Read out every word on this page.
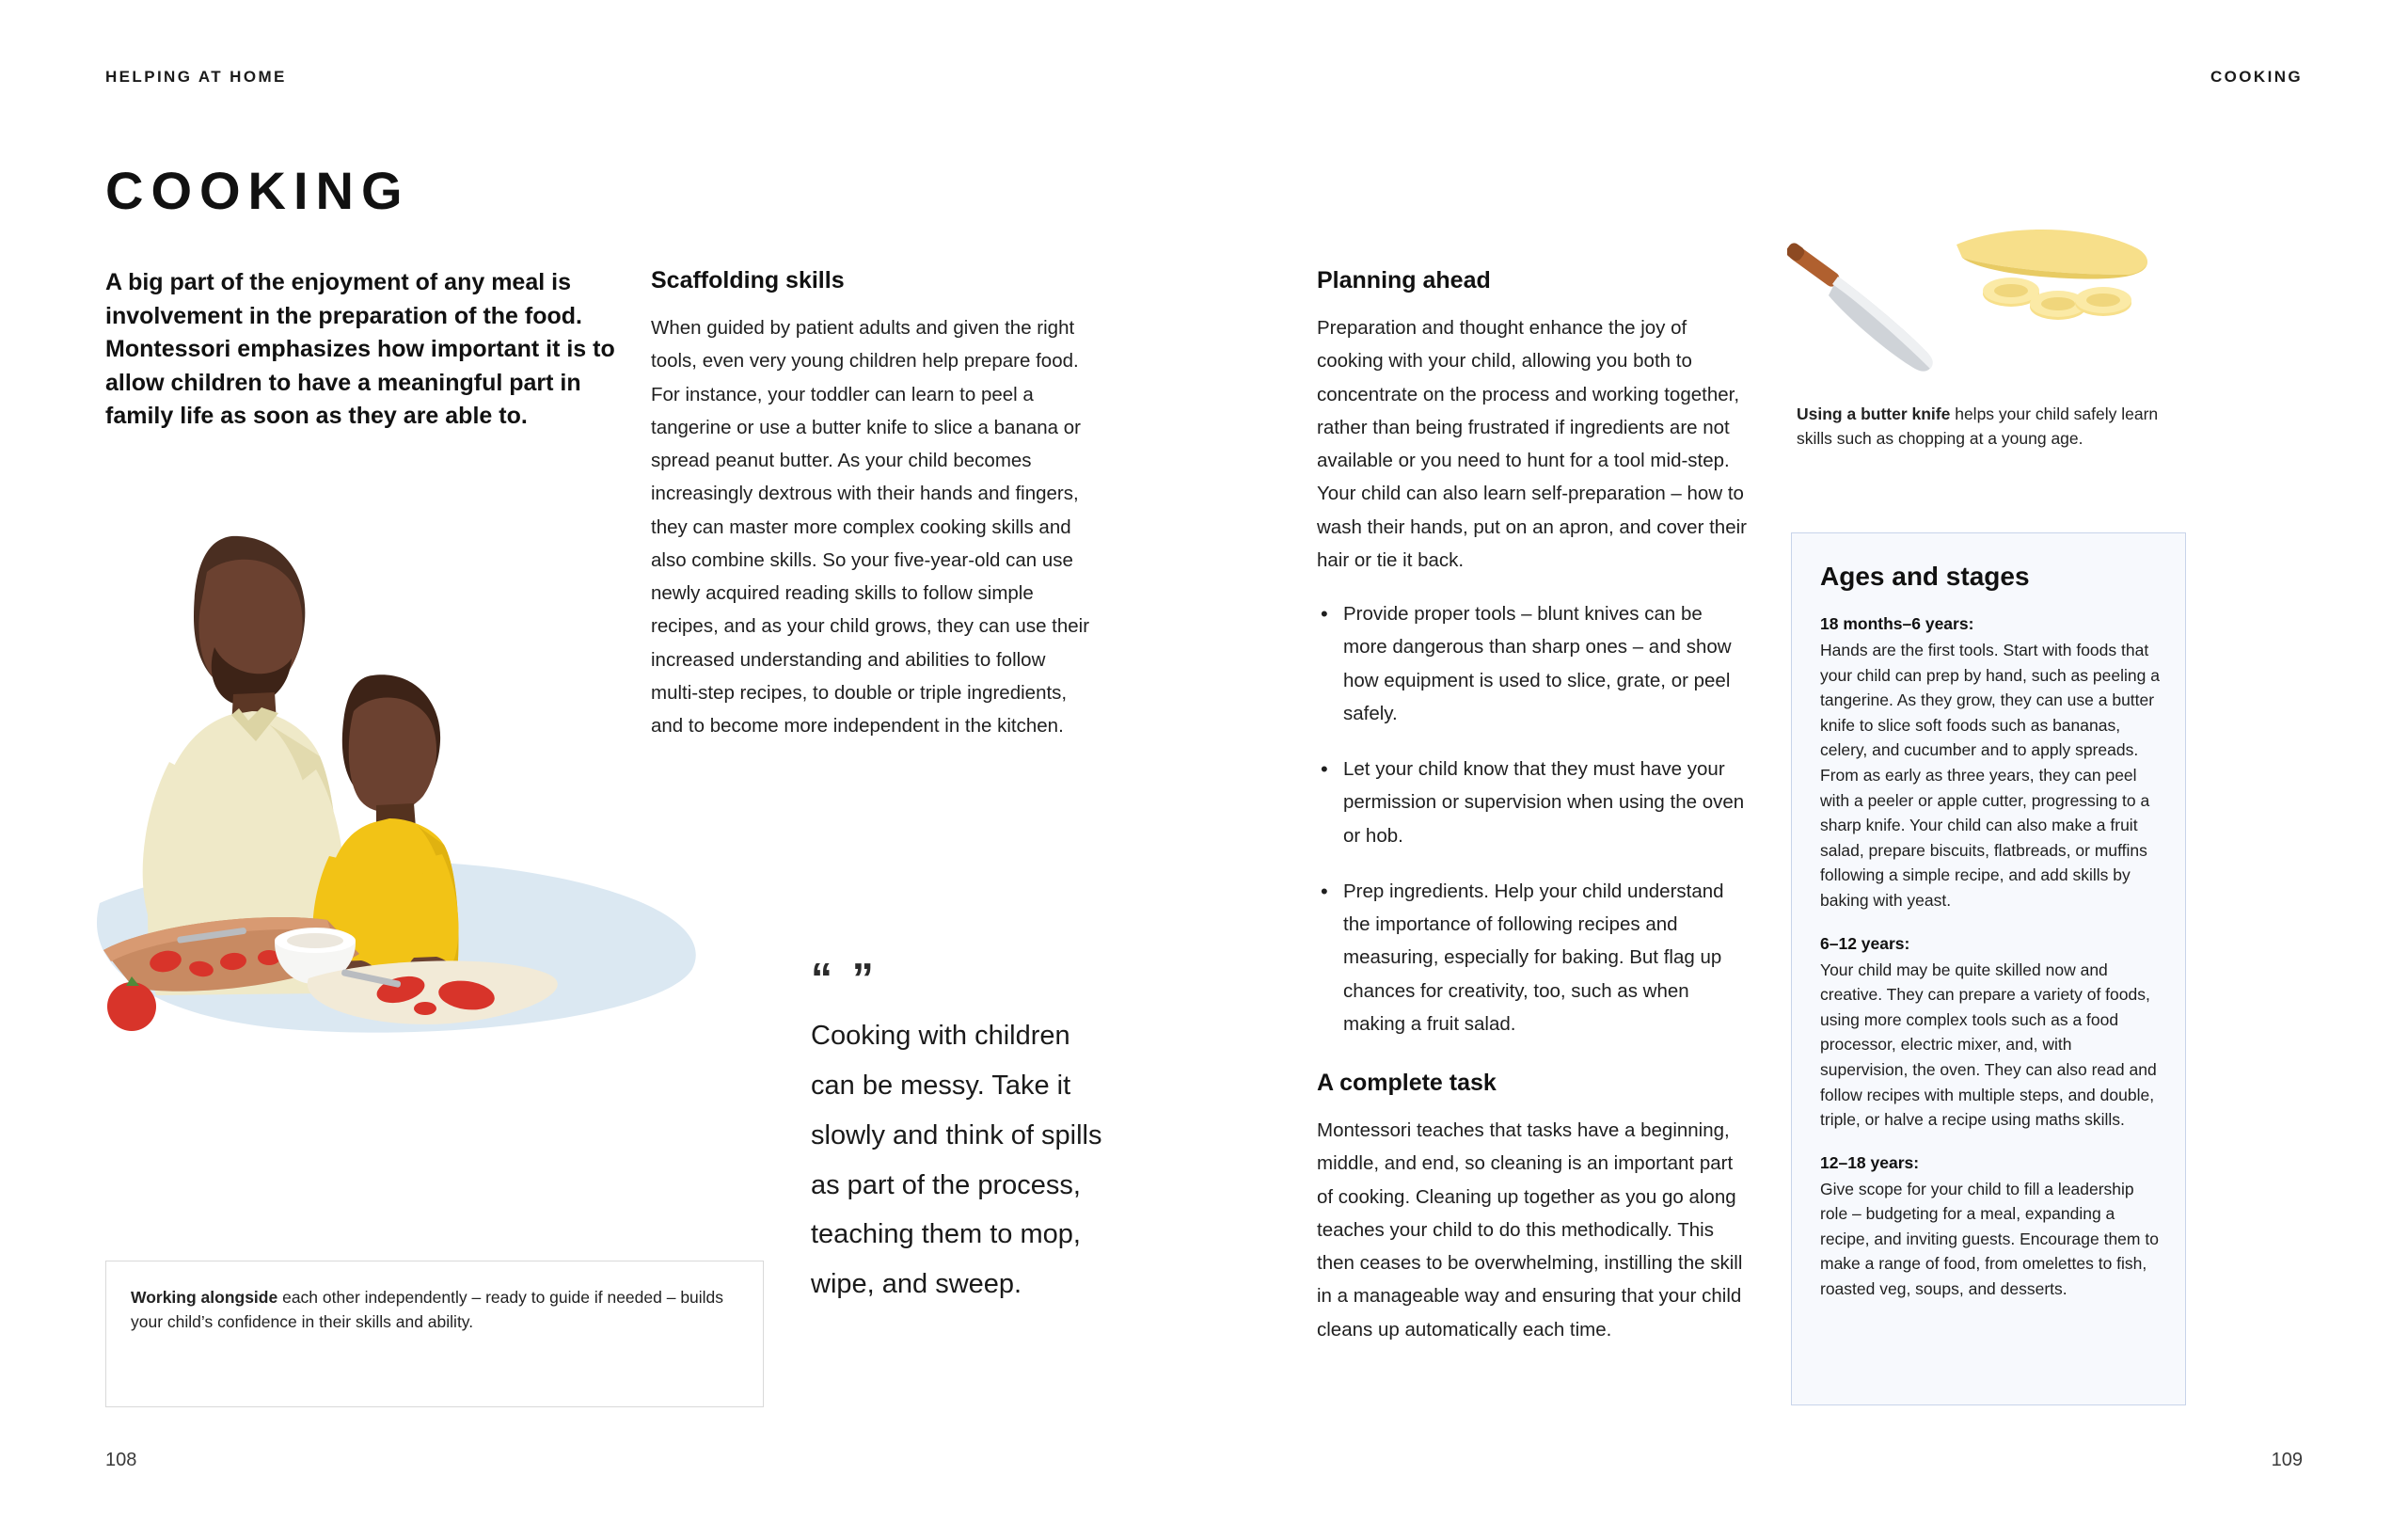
HELPING AT HOME
COOKING
A big part of the enjoyment of any meal is involvement in the preparation of the food. Montessori emphasizes how important it is to allow children to have a meaningful part in family life as soon as they are able to.
Working alongside each other independently – ready to guide if needed – builds your child’s confidence in their skills and ability.
Scaffolding skills
When guided by patient adults and given the right tools, even very young children help prepare food. For instance, your toddler can learn to peel a tangerine or use a butter knife to slice a banana or spread peanut butter. As your child becomes increasingly dextrous with their hands and fingers, they can master more complex cooking skills and also combine skills. So your five-year-old can use newly acquired reading skills to follow simple recipes, and as your child grows, they can use their increased understanding and abilities to follow multi-step recipes, to double or triple ingredients, and to become more independent in the kitchen.
“ ”
Cooking with children can be messy. Take it slowly and think of spills as part of the process, teaching them to mop, wipe, and sweep.
108
COOKING
109
Planning ahead
Preparation and thought enhance the joy of cooking with your child, allowing you both to concentrate on the process and working together, rather than being frustrated if ingredients are not available or you need to hunt for a tool mid-step. Your child can also learn self-preparation – how to wash their hands, put on an apron, and cover their hair or tie it back.
• Provide proper tools – blunt knives can be more dangerous than sharp ones – and show how equipment is used to slice, grate, or peel safely.
• Let your child know that they must have your permission or supervision when using the oven or hob.
• Prep ingredients. Help your child understand the importance of following recipes and measuring, especially for baking. But flag up chances for creativity, too, such as when making a fruit salad.
A complete task
Montessori teaches that tasks have a beginning, middle, and end, so cleaning is an important part of cooking. Cleaning up together as you go along teaches your child to do this methodically. This then ceases to be overwhelming, instilling the skill in a manageable way and ensuring that your child cleans up automatically each time.
Using a butter knife helps your child safely learn skills such as chopping at a young age.
Ages and stages
18 months–6 years:
Hands are the first tools. Start with foods that your child can prep by hand, such as peeling a tangerine. As they grow, they can use a butter knife to slice soft foods such as bananas, celery, and cucumber and to apply spreads. From as early as three years, they can peel with a peeler or apple cutter, progressing to a sharp knife. Your child can also make a fruit salad, prepare biscuits, flatbreads, or muffins following a simple recipe, and add skills by baking with yeast.
6–12 years:
Your child may be quite skilled now and creative. They can prepare a variety of foods, using more complex tools such as a food processor, electric mixer, and, with supervision, the oven. They can also read and follow recipes with multiple steps, and double, triple, or halve a recipe using maths skills.
12–18 years:
Give scope for your child to fill a leadership role – budgeting for a meal, expanding a recipe, and inviting guests. Encourage them to make a range of food, from omelettes to fish, roasted veg, soups, and desserts.
